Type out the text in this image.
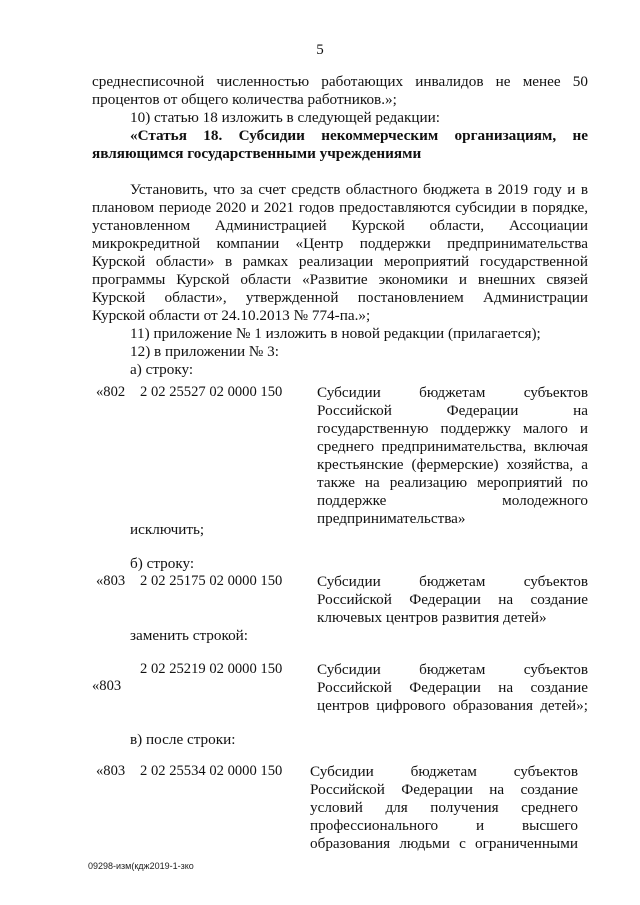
5
среднесписочной численностью работающих инвалидов не менее 50
процентов от общего количества работников.»;
10) статью 18 изложить в следующей редакции:
«Статья 18. Субсидии некоммерческим организациям, не
являющимся государственными учреждениями
Установить, что за счет средств областного бюджета в 2019 году и в
плановом периоде 2020 и 2021 годов предоставляются субсидии в порядке,
установленном Администрацией Курской области, Ассоциации
микрокредитной компании «Центр поддержки предпринимательства
Курской области» в рамках реализации мероприятий государственной
программы Курской области «Развитие экономики и внешних связей
Курской области», утвержденной постановлением Администрации
Курской области от 24.10.2013 № 774-па.»;
11) приложение № 1 изложить в новой редакции (прилагается);
12) в приложении № 3:
а) строку:
«802 2 02 25527 02 0000 150 Субсидии бюджетам субъектов
Российской Федерации на
государственную поддержку малого и
среднего предпринимательства, включая
крестьянские (фермерские) хозяйства, а
также на реализацию мероприятий по
поддержке молодежного
предпринимательства»
исключить;
б) строку:
«803 2 02 25175 02 0000 150 Субсидии бюджетам субъектов
Российской Федерации на создание
ключевых центров развития детей»
заменить строкой:
2 02 25219 02 0000 150
«803
Субсидии бюджетам субъектов
Российской Федерации на создание
центров цифрового образования детей»;
в) после строки:
«803 2 02 25534 02 0000 150 Субсидии бюджетам субъектов
Российской Федерации на создание
условий для получения среднего
профессионального и высшего
образования людьми с ограниченными
09298-изм(кдж2019-1-зко
